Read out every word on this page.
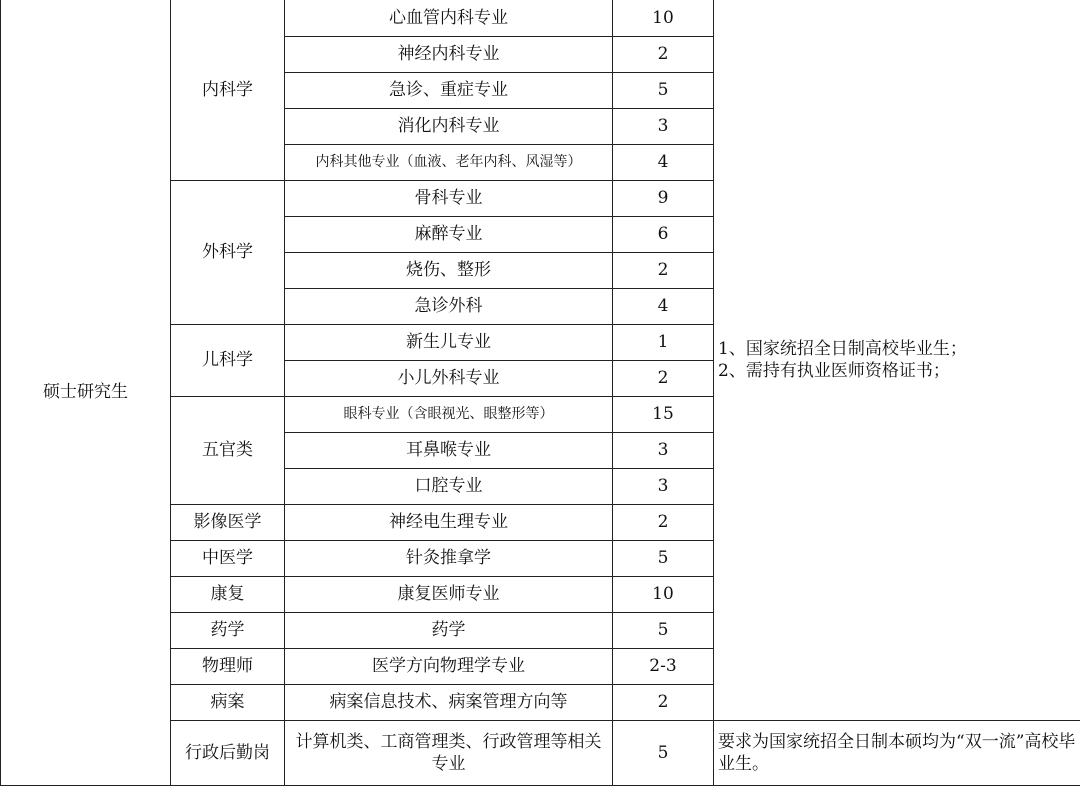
硕士研究生	内科学	心血管内科专业	10	1、国家统招全日制高校毕业生；
2、需持有执业医师资格证书；
		神经内科专业	2	
		急诊、重症专业	5	
		消化内科专业	3	
		内科其他专业（血液、老年内科、风湿等）	4	
	外科学	骨科专业	9	
		麻醉专业	6	
		烧伤、整形	2	
		急诊外科	4	
	儿科学	新生儿专业	1	
		小儿外科专业	2	
	五官类	眼科专业（含眼视光、眼整形等）	15	
		耳鼻喉专业	3	
		口腔专业	3	
	影像医学	神经电生理专业	2	
	中医学	针灸推拿学	5	
	康复	康复医师专业	10	
	药学	药学	5	
	物理师	医学方向物理学专业	2-3	
	病案	病案信息技术、病案管理方向等	2	
	行政后勤岗	计算机类、工商管理类、行政管理等相关专业	5	要求为国家统招全日制本硕均为“双一流”高校毕业生。
